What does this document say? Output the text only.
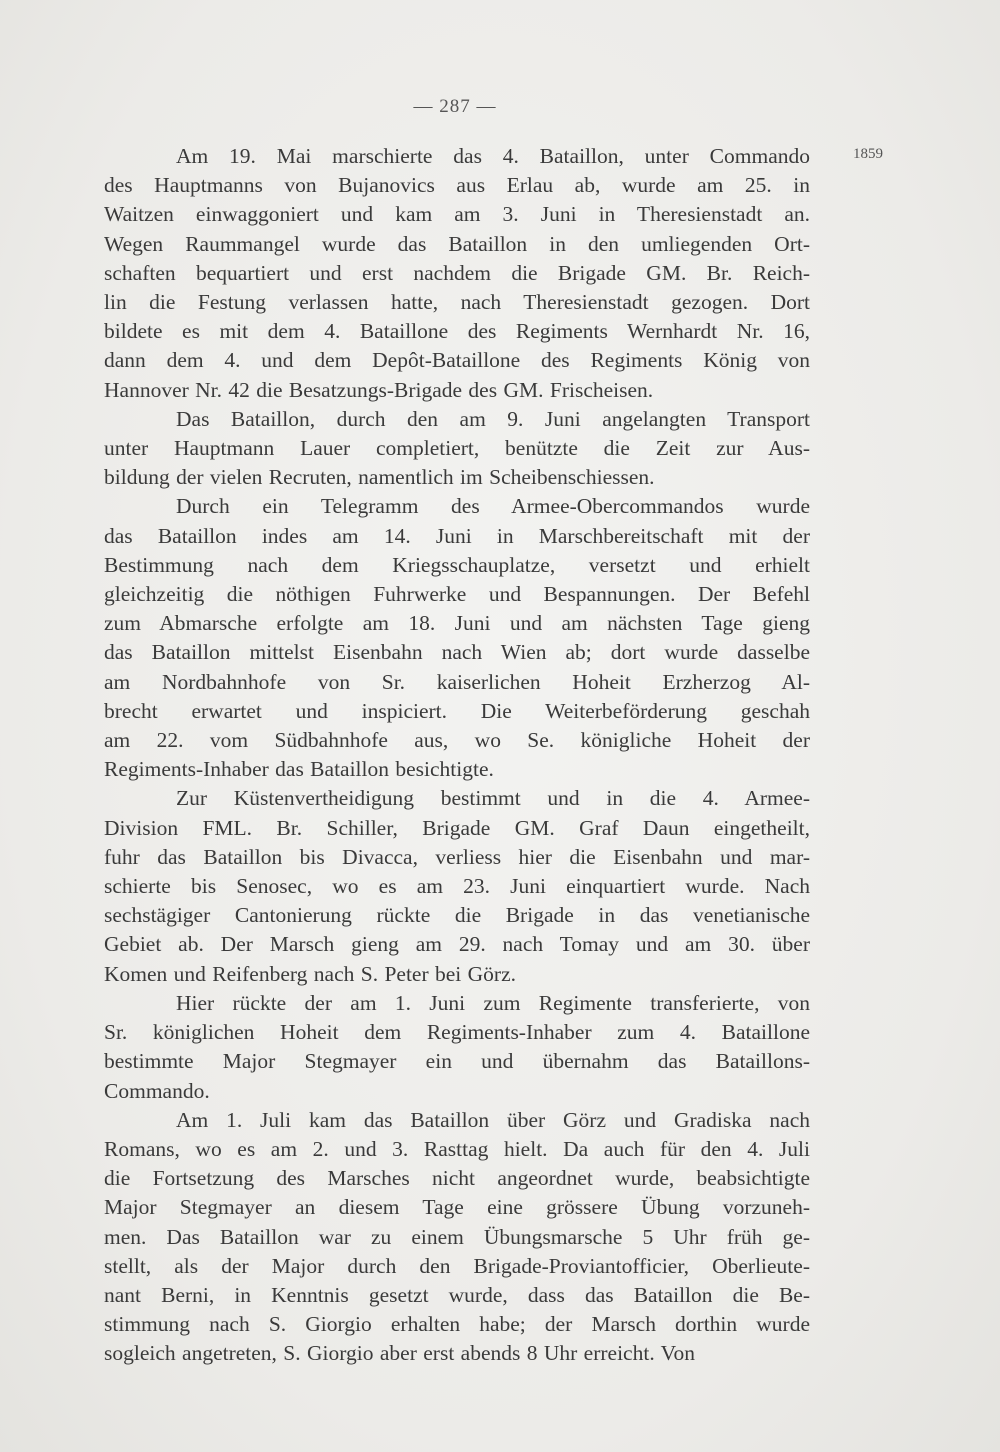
— 287 —
1859

Am 19. Mai marschierte das 4. Bataillon, unter Commando
des Hauptmanns von Bujanovics aus Erlau ab, wurde am 25. in
Waitzen einwaggoniert und kam am 3. Juni in Theresienstadt an.
Wegen Raummangel wurde das Bataillon in den umliegenden Ort-
schaften bequartiert und erst nachdem die Brigade GM. Br. Reich-
lin die Festung verlassen hatte, nach Theresienstadt gezogen. Dort
bildete es mit dem 4. Bataillone des Regiments Wernhardt Nr. 16,
dann dem 4. und dem Depôt-Bataillone des Regiments König von
Hannover Nr. 42 die Besatzungs-Brigade des GM. Frischeisen.

Das Bataillon, durch den am 9. Juni angelangten Transport
unter Hauptmann Lauer completiert, benützte die Zeit zur Aus-
bildung der vielen Recruten, namentlich im Scheibenschiessen.

Durch ein Telegramm des Armee-Obercommandos wurde
das Bataillon indes am 14. Juni in Marschbereitschaft mit der
Bestimmung nach dem Kriegsschauplatze, versetzt und erhielt
gleichzeitig die nöthigen Fuhrwerke und Bespannungen. Der Befehl
zum Abmarsche erfolgte am 18. Juni und am nächsten Tage gieng
das Bataillon mittelst Eisenbahn nach Wien ab; dort wurde dasselbe
am Nordbahnhofe von Sr. kaiserlichen Hoheit Erzherzog Al-
brecht erwartet und inspiciert. Die Weiterbeförderung geschah
am 22. vom Südbahnhofe aus, wo Se. königliche Hoheit der
Regiments-Inhaber das Bataillon besichtigte.

Zur Küstenvertheidigung bestimmt und in die 4. Armee-
Division FML. Br. Schiller, Brigade GM. Graf Daun eingetheilt,
fuhr das Bataillon bis Divacca, verliess hier die Eisenbahn und mar-
schierte bis Senosec, wo es am 23. Juni einquartiert wurde. Nach
sechstägiger Cantonierung rückte die Brigade in das venetianische
Gebiet ab. Der Marsch gieng am 29. nach Tomay und am 30. über
Komen und Reifenberg nach S. Peter bei Görz.

Hier rückte der am 1. Juni zum Regimente transferierte, von
Sr. königlichen Hoheit dem Regiments-Inhaber zum 4. Bataillone
bestimmte Major Stegmayer ein und übernahm das Bataillons-
Commando.

Am 1. Juli kam das Bataillon über Görz und Gradiska nach
Romans, wo es am 2. und 3. Rasttag hielt. Da auch für den 4. Juli
die Fortsetzung des Marsches nicht angeordnet wurde, beabsichtigte
Major Stegmayer an diesem Tage eine grössere Übung vorzuneh-
men. Das Bataillon war zu einem Übungsmarsche 5 Uhr früh ge-
stellt, als der Major durch den Brigade-Proviantofficier, Oberlieute-
nant Berni, in Kenntnis gesetzt wurde, dass das Bataillon die Be-
stimmung nach S. Giorgio erhalten habe; der Marsch dorthin wurde
sogleich angetreten, S. Giorgio aber erst abends 8 Uhr erreicht. Von
